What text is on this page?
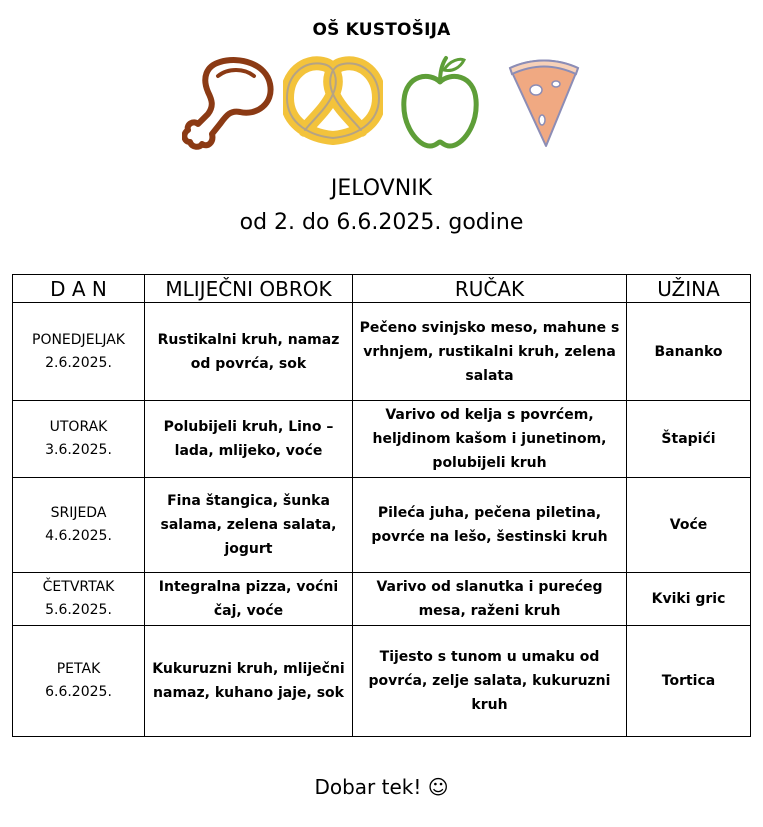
OŠ KUSTOŠIJA
JELOVNIK
od 2. do 6.6.2025. godine
D A N	MLIJEČNI OBROK	RUČAK	UŽINA

PONEDJELJAK
2.6.2025.	Rustikalni kruh, namaz od povrća, sok	Pečeno svinjsko meso, mahune s vrhnjem, rustikalni kruh, zelena salata	Bananko

UTORAK
3.6.2025.	Polubijeli kruh, Lino – lada, mlijeko, voće	Varivo od kelja s povrćem, heljdinom kašom i junetinom, polubijeli kruh	Štapići

SRIJEDA
4.6.2025.	Fina štangica, šunka salama, zelena salata, jogurt	Pileća juha, pečena piletina, povrće na lešo, šestinski kruh	Voće

ČETVRTAK
5.6.2025.	Integralna pizza, voćni čaj, voće	Varivo od slanutka i purećeg mesa, raženi kruh	Kviki gric

PETAK
6.6.2025.	Kukuruzni kruh, mliječni namaz, kuhano jaje, sok	Tijesto s tunom u umaku od povrća, zelje salata, kukuruzni kruh	Tortica
Dobar tek! ☺
